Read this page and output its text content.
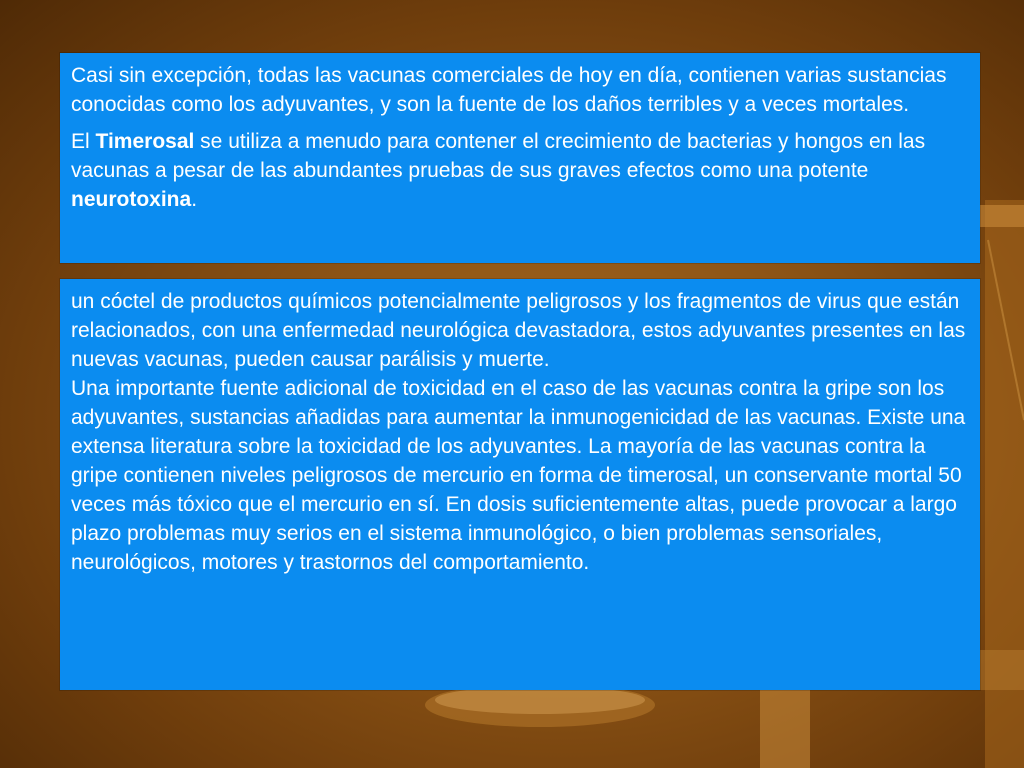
Casi sin excepción, todas las vacunas comerciales de hoy en día, contienen varias sustancias conocidas como los adyuvantes, y son la fuente de los daños terribles y a veces mortales.

El Timerosal se utiliza a menudo para contener el crecimiento de bacterias y hongos en las vacunas a pesar de las abundantes pruebas de sus graves efectos como una potente neurotoxina.

un cóctel de productos químicos potencialmente peligrosos y los fragmentos de virus que están relacionados, con una enfermedad neurológica devastadora, estos adyuvantes presentes en las nuevas vacunas, pueden causar parálisis y muerte.

Una importante fuente adicional de toxicidad en el caso de las vacunas contra la gripe son los adyuvantes, sustancias añadidas para aumentar la inmunogenicidad de las vacunas. Existe una extensa literatura sobre la toxicidad de los adyuvantes. La mayoría de las vacunas contra la gripe contienen niveles peligrosos de mercurio en forma de timerosal, un conservante mortal 50 veces más tóxico que el mercurio en sí. En dosis suficientemente altas, puede provocar a largo plazo problemas muy serios en el sistema inmunológico, o bien problemas sensoriales, neurológicos, motores y trastornos del comportamiento.
